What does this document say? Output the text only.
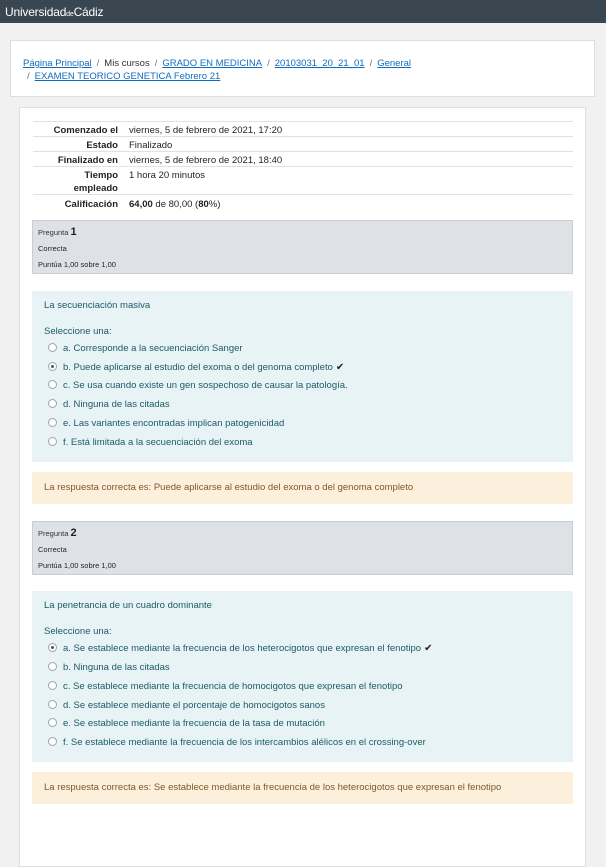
UniversidaddeCádiz
Página Principal / Mis cursos / GRADO EN MEDICINA / 20103031_20_21_01 / General
/ EXAMEN TEORICO GENETICA Febrero 21
Comenzado el viernes, 5 de febrero de 2021, 17:20
Estado Finalizado
Finalizado en viernes, 5 de febrero de 2021, 18:40
Tiempo
empleado
1 hora 20 minutos
Calificación 64,00 de 80,00 (80%)
Pregunta 1
Correcta
Puntúa 1,00 sobre 1,00
La secuenciación masiva
Seleccione una:
a. Corresponde a la secuenciación Sanger
b. Puede aplicarse al estudio del exoma o del genoma completo ✔
c. Se usa cuando existe un gen sospechoso de causar la patología.
d. Ninguna de las citadas
e. Las variantes encontradas implican patogenicidad
f. Está limitada a la secuenciación del exoma
La respuesta correcta es: Puede aplicarse al estudio del exoma o del genoma completo
Pregunta 2
Correcta
Puntúa 1,00 sobre 1,00
La penetrancia de un cuadro dominante
Seleccione una:
a. Se establece mediante la frecuencia de los heterocigotos que expresan el fenotipo ✔
b. Ninguna de las citadas
c. Se establece mediante la frecuencia de homocigotos que expresan el fenotipo
d. Se establece mediante el porcentaje de homocigotos sanos
e. Se establece mediante la frecuencia de la tasa de mutación
f. Se establece mediante la frecuencia de los intercambios alélicos en el crossing-over
La respuesta correcta es: Se establece mediante la frecuencia de los heterocigotos que expresan el fenotipo
